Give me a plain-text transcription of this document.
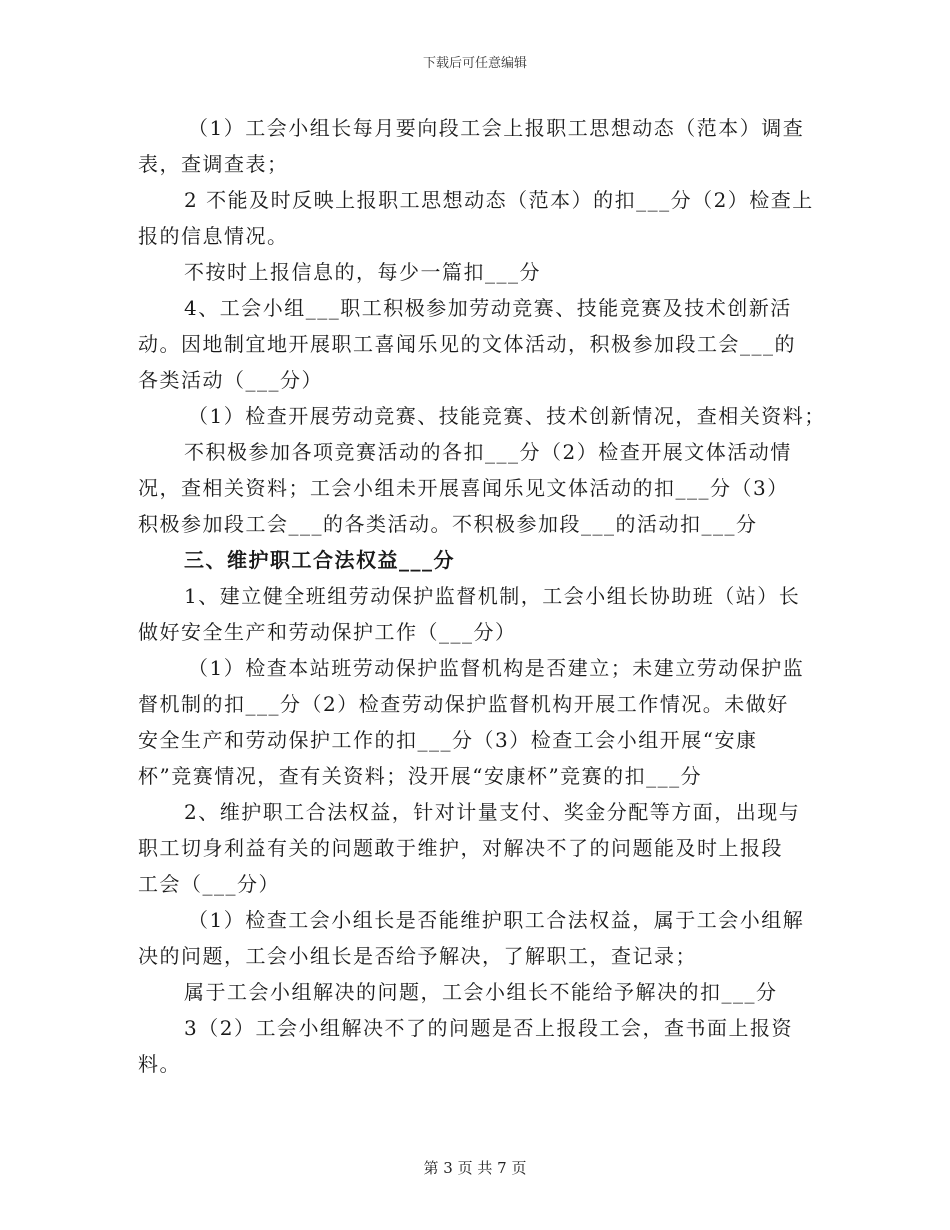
下载后可任意编辑
（1）工会小组长每月要向段工会上报职工思想动态（范本）调查
表，查调查表；
2 不能及时反映上报职工思想动态（范本）的扣___分（2）检查上
报的信息情况。
不按时上报信息的，每少一篇扣___分
4、工会小组___职工积极参加劳动竞赛、技能竞赛及技术创新活
动。因地制宜地开展职工喜闻乐见的文体活动，积极参加段工会___的
各类活动（___分）
（1）检查开展劳动竞赛、技能竞赛、技术创新情况，查相关资料；
不积极参加各项竞赛活动的各扣___分（2）检查开展文体活动情
况，查相关资料；工会小组未开展喜闻乐见文体活动的扣___分（3）
积极参加段工会___的各类活动。不积极参加段___的活动扣___分
三、维护职工合法权益___分
1、建立健全班组劳动保护监督机制，工会小组长协助班（站）长
做好安全生产和劳动保护工作（___分）
（1）检查本站班劳动保护监督机构是否建立；未建立劳动保护监
督机制的扣___分（2）检查劳动保护监督机构开展工作情况。未做好
安全生产和劳动保护工作的扣___分（3）检查工会小组开展“安康
杯”竞赛情况，查有关资料；没开展“安康杯”竞赛的扣___分
2、维护职工合法权益，针对计量支付、奖金分配等方面，出现与
职工切身利益有关的问题敢于维护，对解决不了的问题能及时上报段
工会（___分）
（1）检查工会小组长是否能维护职工合法权益，属于工会小组解
决的问题，工会小组长是否给予解决，了解职工，查记录；
属于工会小组解决的问题，工会小组长不能给予解决的扣___分
3（2）工会小组解决不了的问题是否上报段工会，查书面上报资
料。
第 3 页 共 7 页
